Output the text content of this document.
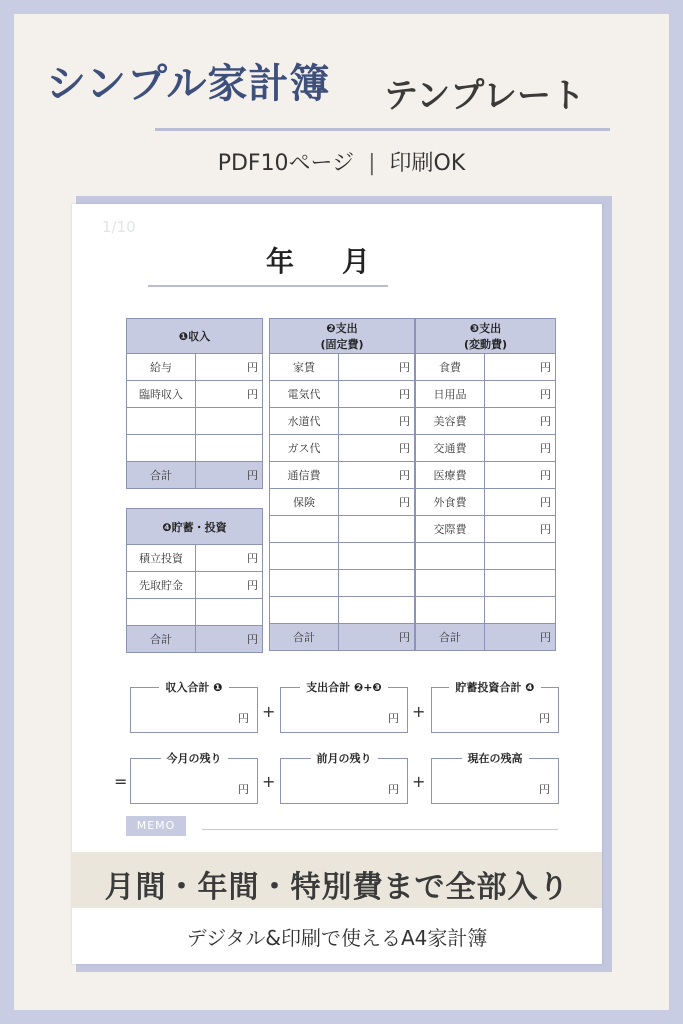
シンプル家計簿 テンプレート
PDF10ページ | 印刷OK
1/10
年 月
❶収入	
給与	円
臨時収入	円

合計	円
❹貯蓄・投資	
積立投資	円
先取貯金	円

合計	円
❷支出
(固定費)	
家賃	円
電気代	円
水道代	円
ガス代	円
通信費	円
保険	円

合計	円
❸支出
(変動費)	
食費	円
日用品	円
美容費	円
交通費	円
医療費	円
外食費	円
交際費	円

合計	円
収入合計 ❶
円 +
支出合計 ❷+❸
円 +
貯蓄投資合計 ❹
円
=
今月の残り
円 +
前月の残り
円 +
現在の残高
円
MEMO
月間・年間・特別費まで全部入り
デジタル&印刷で使えるA4家計簿
